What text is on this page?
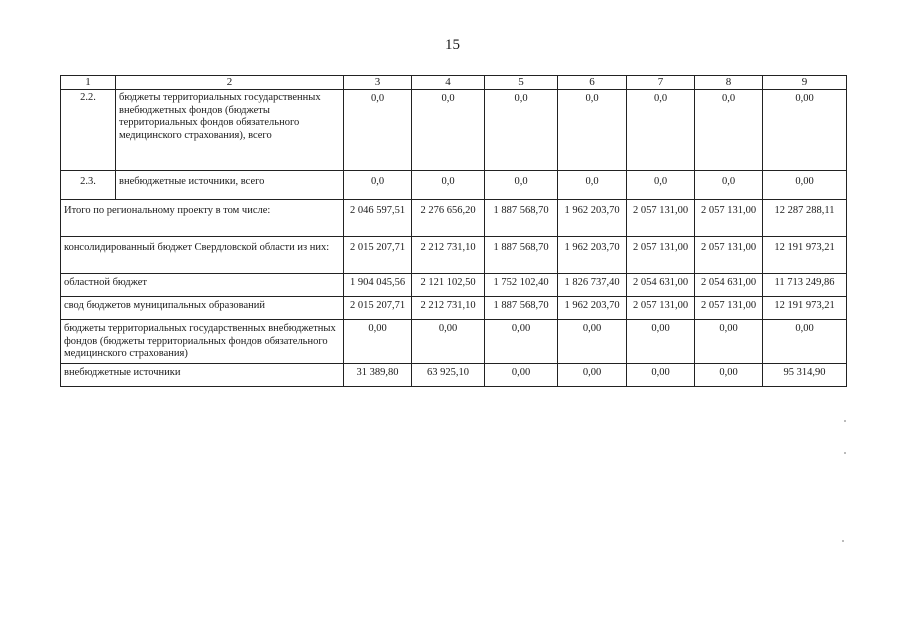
15
1	2	3	4	5	6	7	8	9
2.2.	бюджеты территориальных государственных внебюджетных фондов (бюджеты территориальных фондов обязательного медицинского страхования), всего	0,0	0,0	0,0	0,0	0,0	0,0	0,00
2.3.	внебюджетные источники, всего	0,0	0,0	0,0	0,0	0,0	0,0	0,00
Итого по региональному проекту в том числе:		2 046 597,51	2 276 656,20	1 887 568,70	1 962 203,70	2 057 131,00	2 057 131,00	12 287 288,11
консолидированный бюджет Свердловской области из них:		2 015 207,71	2 212 731,10	1 887 568,70	1 962 203,70	2 057 131,00	2 057 131,00	12 191 973,21
областной бюджет		1 904 045,56	2 121 102,50	1 752 102,40	1 826 737,40	2 054 631,00	2 054 631,00	11 713 249,86
свод бюджетов муниципальных образований		2 015 207,71	2 212 731,10	1 887 568,70	1 962 203,70	2 057 131,00	2 057 131,00	12 191 973,21
бюджеты территориальных государственных внебюджетных фондов (бюджеты территориальных фондов обязательного медицинского страхования)		0,00	0,00	0,00	0,00	0,00	0,00	0,00
внебюджетные источники		31 389,80	63 925,10	0,00	0,00	0,00	0,00	95 314,90
